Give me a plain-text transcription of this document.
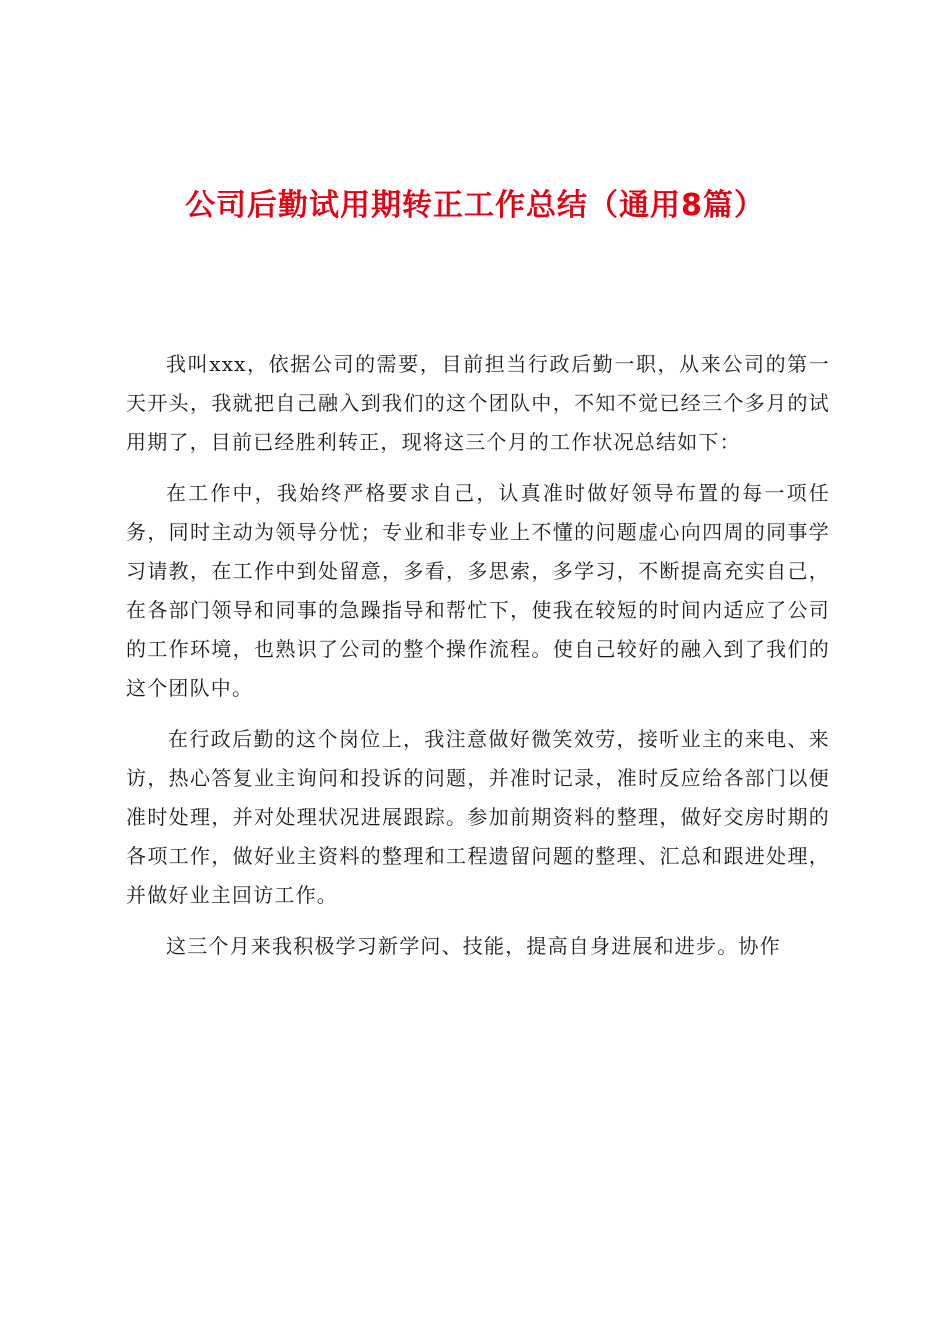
公司后勤试用期转正工作总结（通用8篇）

我叫xxx，依据公司的需要，目前担当行政后勤一职，从来公司的第一天开头，我就把自己融入到我们的这个团队中，不知不觉已经三个多月的试用期了，目前已经胜利转正，现将这三个月的工作状况总结如下：

在工作中，我始终严格要求自己，认真准时做好领导布置的每一项任务，同时主动为领导分忧；专业和非专业上不懂的问题虚心向四周的同事学习请教，在工作中到处留意，多看，多思索，多学习，不断提高充实自己，在各部门领导和同事的急躁指导和帮忙下，使我在较短的时间内适应了公司的工作环境，也熟识了公司的整个操作流程。使自己较好的融入到了我们的这个团队中。

在行政后勤的这个岗位上，我注意做好微笑效劳，接听业主的来电、来访，热心答复业主询问和投诉的问题，并准时记录，准时反应给各部门以便准时处理，并对处理状况进展跟踪。参加前期资料的整理，做好交房时期的各项工作，做好业主资料的整理和工程遗留问题的整理、汇总和跟进处理，并做好业主回访工作。

这三个月来我积极学习新学问、技能，提高自身进展和进步。协作
